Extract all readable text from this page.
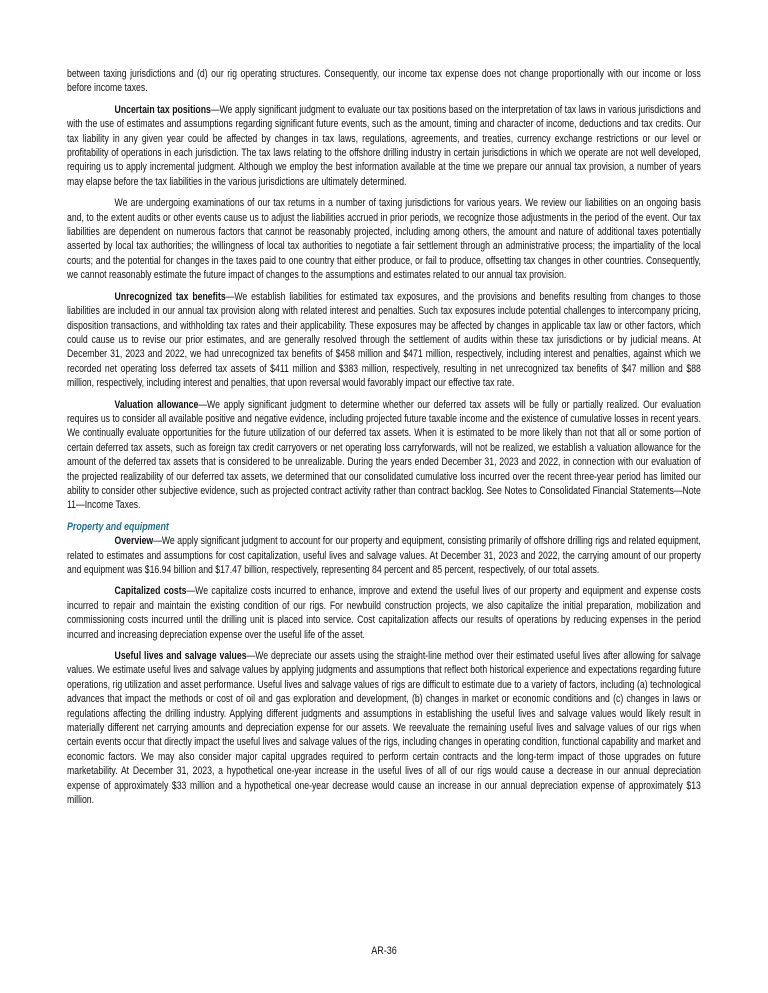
between taxing jurisdictions and (d) our rig operating structures. Consequently, our income tax expense does not change proportionally with our income or loss before income taxes.

Uncertain tax positions—We apply significant judgment to evaluate our tax positions based on the interpretation of tax laws in various jurisdictions and with the use of estimates and assumptions regarding significant future events, such as the amount, timing and character of income, deductions and tax credits. Our tax liability in any given year could be affected by changes in tax laws, regulations, agreements, and treaties, currency exchange restrictions or our level or profitability of operations in each jurisdiction. The tax laws relating to the offshore drilling industry in certain jurisdictions in which we operate are not well developed, requiring us to apply incremental judgment. Although we employ the best information available at the time we prepare our annual tax provision, a number of years may elapse before the tax liabilities in the various jurisdictions are ultimately determined.

We are undergoing examinations of our tax returns in a number of taxing jurisdictions for various years. We review our liabilities on an ongoing basis and, to the extent audits or other events cause us to adjust the liabilities accrued in prior periods, we recognize those adjustments in the period of the event. Our tax liabilities are dependent on numerous factors that cannot be reasonably projected, including among others, the amount and nature of additional taxes potentially asserted by local tax authorities; the willingness of local tax authorities to negotiate a fair settlement through an administrative process; the impartiality of the local courts; and the potential for changes in the taxes paid to one country that either produce, or fail to produce, offsetting tax changes in other countries. Consequently, we cannot reasonably estimate the future impact of changes to the assumptions and estimates related to our annual tax provision.

Unrecognized tax benefits—We establish liabilities for estimated tax exposures, and the provisions and benefits resulting from changes to those liabilities are included in our annual tax provision along with related interest and penalties. Such tax exposures include potential challenges to intercompany pricing, disposition transactions, and withholding tax rates and their applicability. These exposures may be affected by changes in applicable tax law or other factors, which could cause us to revise our prior estimates, and are generally resolved through the settlement of audits within these tax jurisdictions or by judicial means. At December 31, 2023 and 2022, we had unrecognized tax benefits of $458 million and $471 million, respectively, including interest and penalties, against which we recorded net operating loss deferred tax assets of $411 million and $383 million, respectively, resulting in net unrecognized tax benefits of $47 million and $88 million, respectively, including interest and penalties, that upon reversal would favorably impact our effective tax rate.

Valuation allowance—We apply significant judgment to determine whether our deferred tax assets will be fully or partially realized. Our evaluation requires us to consider all available positive and negative evidence, including projected future taxable income and the existence of cumulative losses in recent years. We continually evaluate opportunities for the future utilization of our deferred tax assets. When it is estimated to be more likely than not that all or some portion of certain deferred tax assets, such as foreign tax credit carryovers or net operating loss carryforwards, will not be realized, we establish a valuation allowance for the amount of the deferred tax assets that is considered to be unrealizable. During the years ended December 31, 2023 and 2022, in connection with our evaluation of the projected realizability of our deferred tax assets, we determined that our consolidated cumulative loss incurred over the recent three-year period has limited our ability to consider other subjective evidence, such as projected contract activity rather than contract backlog. See Notes to Consolidated Financial Statements—Note 11—Income Taxes.

Property and equipment

Overview—We apply significant judgment to account for our property and equipment, consisting primarily of offshore drilling rigs and related equipment, related to estimates and assumptions for cost capitalization, useful lives and salvage values. At December 31, 2023 and 2022, the carrying amount of our property and equipment was $16.94 billion and $17.47 billion, respectively, representing 84 percent and 85 percent, respectively, of our total assets.

Capitalized costs—We capitalize costs incurred to enhance, improve and extend the useful lives of our property and equipment and expense costs incurred to repair and maintain the existing condition of our rigs. For newbuild construction projects, we also capitalize the initial preparation, mobilization and commissioning costs incurred until the drilling unit is placed into service. Cost capitalization affects our results of operations by reducing expenses in the period incurred and increasing depreciation expense over the useful life of the asset.

Useful lives and salvage values—We depreciate our assets using the straight-line method over their estimated useful lives after allowing for salvage values. We estimate useful lives and salvage values by applying judgments and assumptions that reflect both historical experience and expectations regarding future operations, rig utilization and asset performance. Useful lives and salvage values of rigs are difficult to estimate due to a variety of factors, including (a) technological advances that impact the methods or cost of oil and gas exploration and development, (b) changes in market or economic conditions and (c) changes in laws or regulations affecting the drilling industry. Applying different judgments and assumptions in establishing the useful lives and salvage values would likely result in materially different net carrying amounts and depreciation expense for our assets. We reevaluate the remaining useful lives and salvage values of our rigs when certain events occur that directly impact the useful lives and salvage values of the rigs, including changes in operating condition, functional capability and market and economic factors. We may also consider major capital upgrades required to perform certain contracts and the long-term impact of those upgrades on future marketability. At December 31, 2023, a hypothetical one-year increase in the useful lives of all of our rigs would cause a decrease in our annual depreciation expense of approximately $33 million and a hypothetical one-year decrease would cause an increase in our annual depreciation expense of approximately $13 million.

AR-36
